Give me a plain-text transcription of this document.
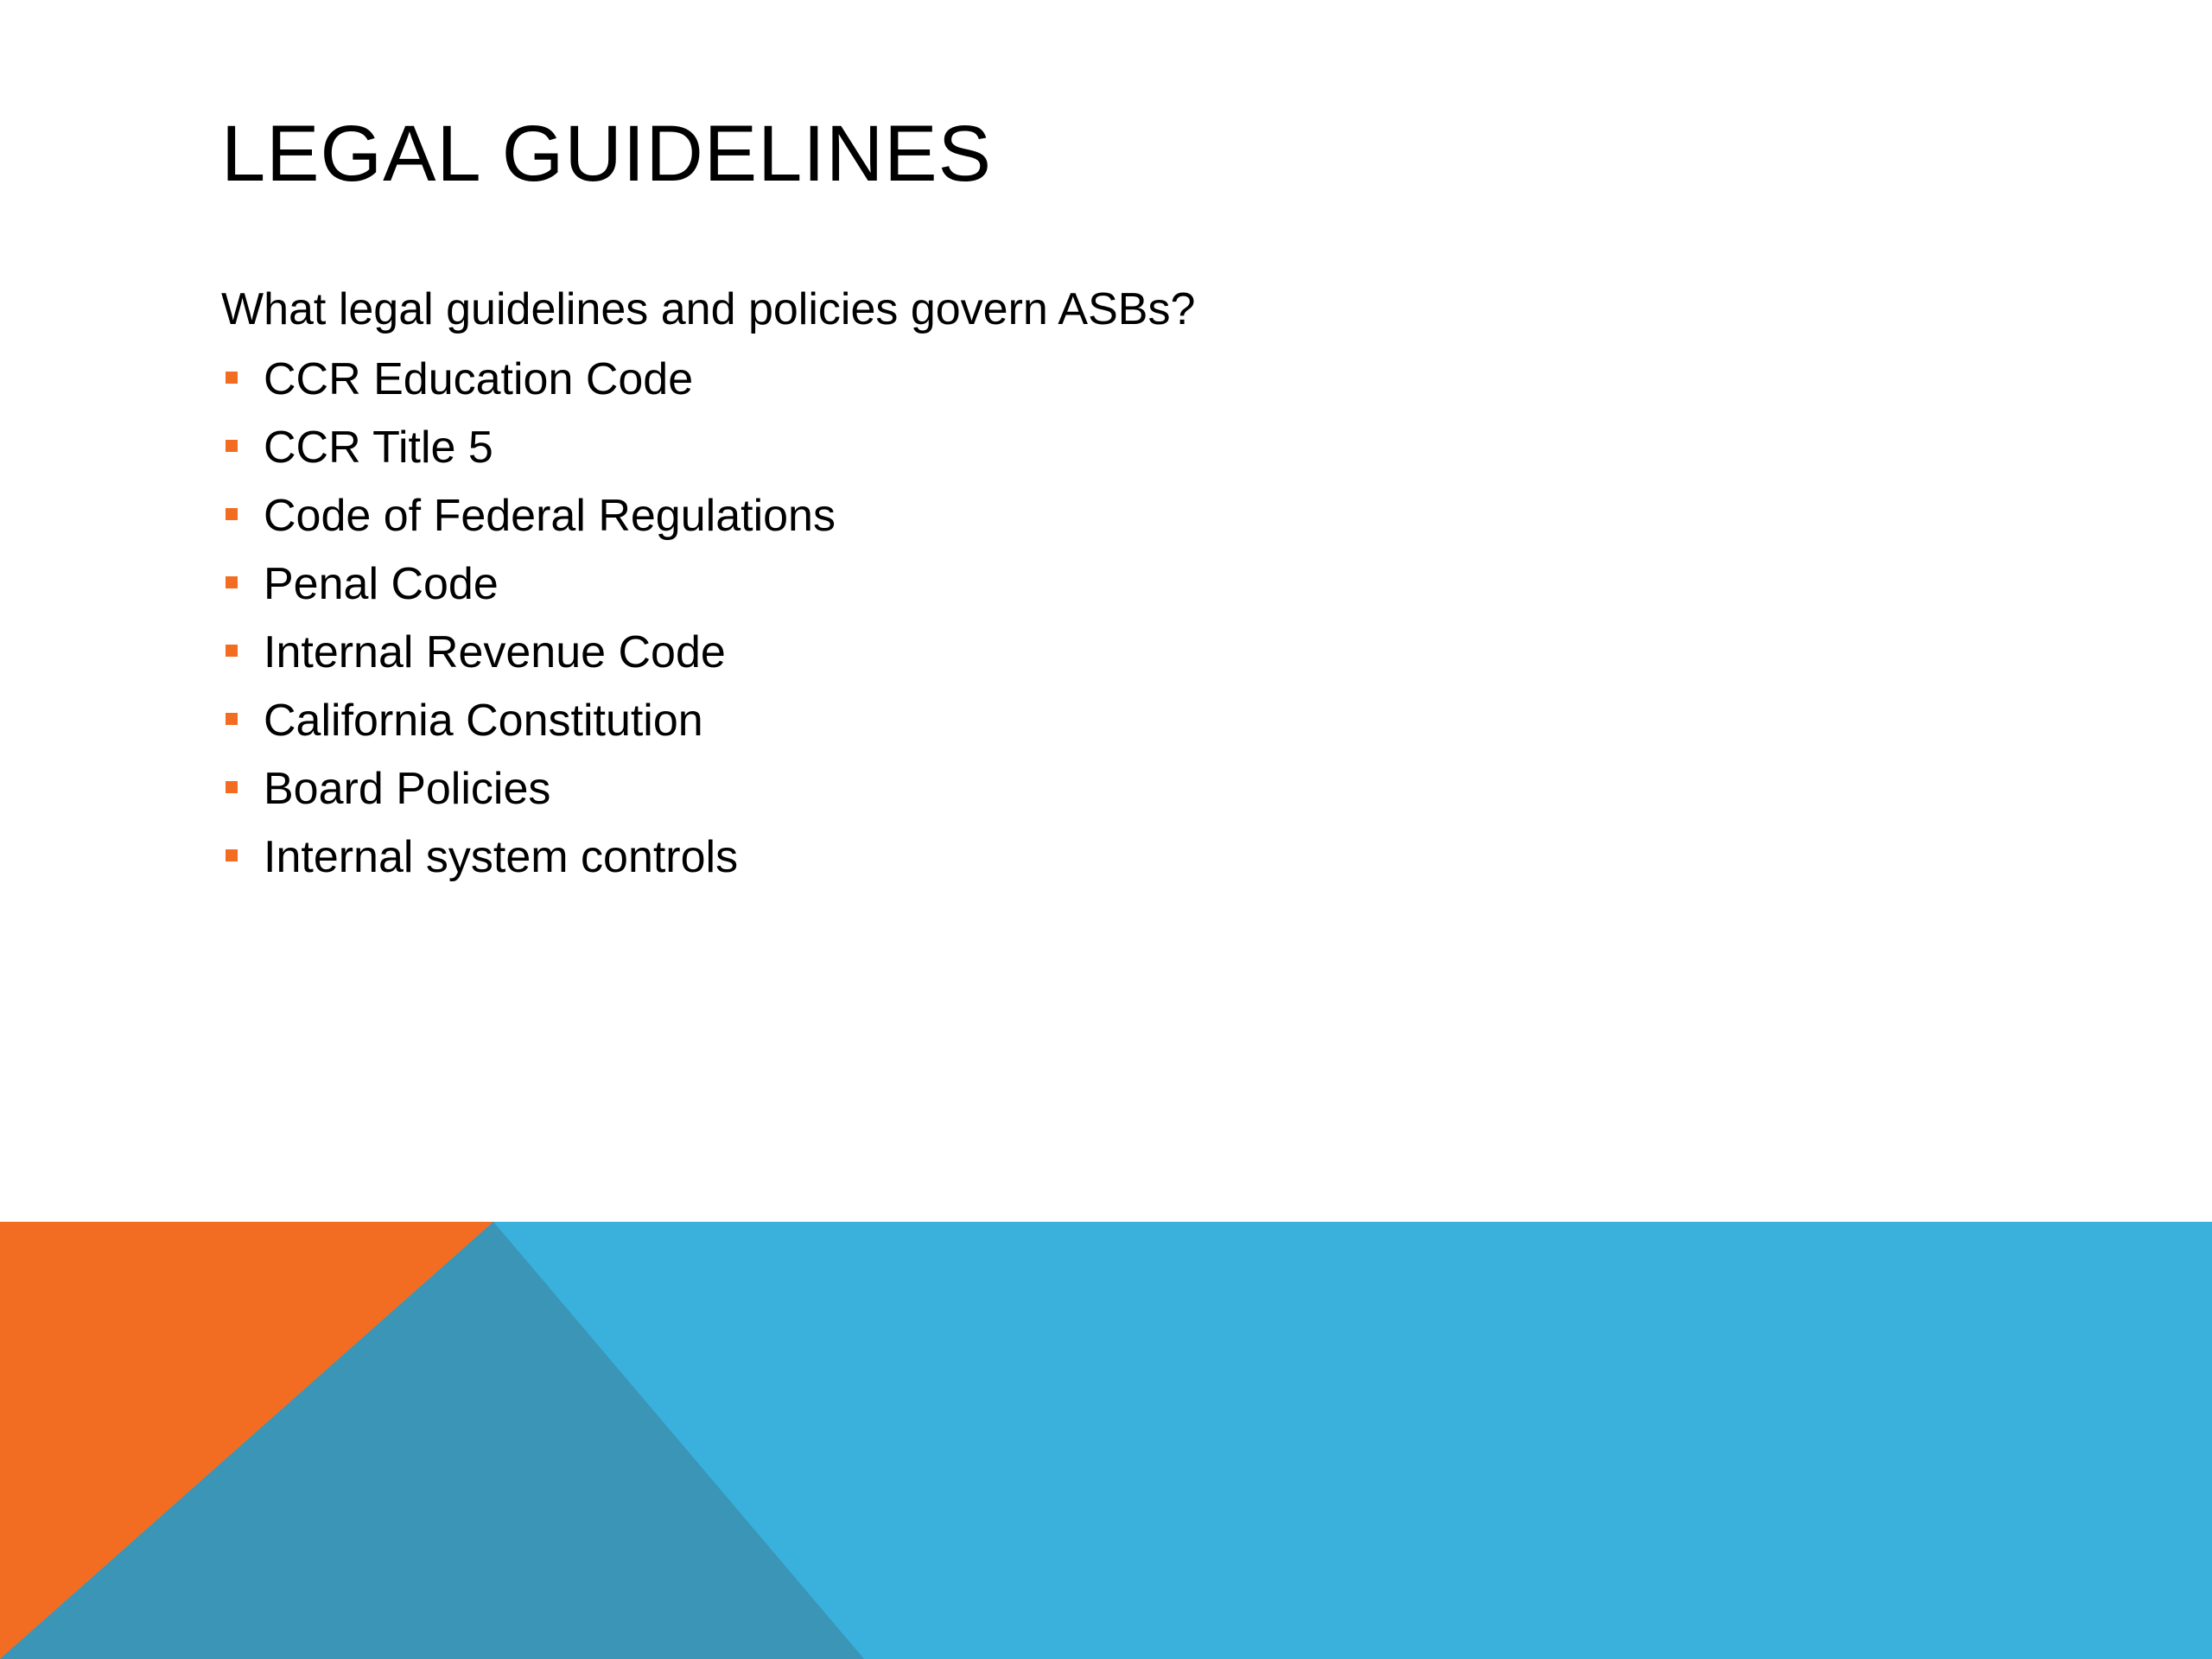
LEGAL GUIDELINES

What legal guidelines and policies govern ASBs?

CCR Education Code
CCR Title 5
Code of Federal Regulations
Penal Code
Internal Revenue Code
California Constitution
Board Policies
Internal system controls
